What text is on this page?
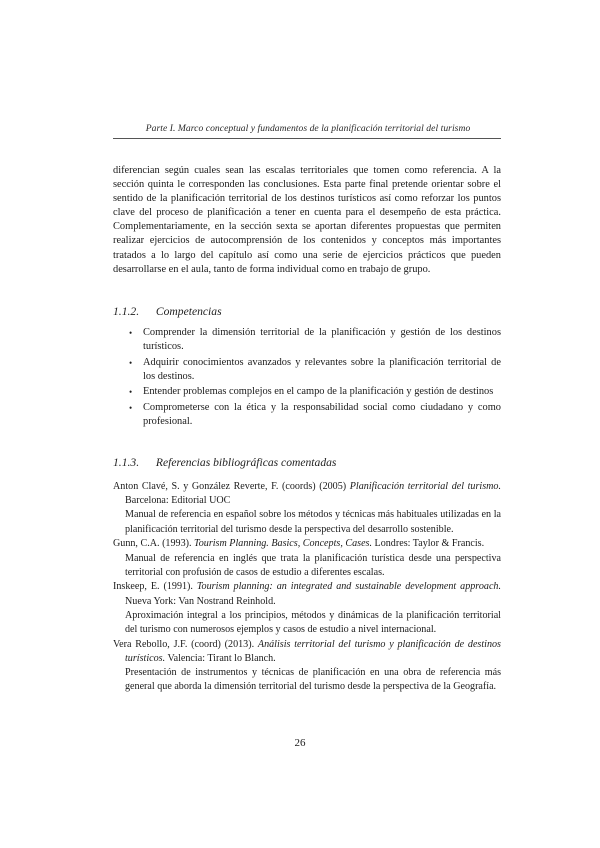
Parte I. Marco conceptual y fundamentos de la planificación territorial del turismo

diferencian según cuales sean las escalas territoriales que tomen como referencia. A la sección quinta le corresponden las conclusiones. Esta parte final pretende orientar sobre el sentido de la planificación territorial de los destinos turísticos así como reforzar los puntos clave del proceso de planificación a tener en cuenta para el desempeño de esta práctica. Complementariamente, en la sección sexta se aportan diferentes propuestas que permiten realizar ejercicios de autocomprensión de los contenidos y conceptos más importantes tratados a lo largo del capítulo así como una serie de ejercicios prácticos que pueden desarrollarse en el aula, tanto de forma individual como en trabajo de grupo.

1.1.2. Competencias
• Comprender la dimensión territorial de la planificación y gestión de los destinos turísticos.
• Adquirir conocimientos avanzados y relevantes sobre la planificación territorial de los destinos.
• Entender problemas complejos en el campo de la planificación y gestión de destinos
• Comprometerse con la ética y la responsabilidad social como ciudadano y como profesional.
1.1.3. Referencias bibliográficas comentadas
Anton Clavé, S. y González Reverte, F. (coords) (2005) Planificación territorial del turismo. Barcelona: Editorial UOC
Manual de referencia en español sobre los métodos y técnicas más habituales utilizadas en la planificación territorial del turismo desde la perspectiva del desarrollo sostenible.
Gunn, C.A. (1993). Tourism Planning. Basics, Concepts, Cases. Londres: Taylor & Francis.
Manual de referencia en inglés que trata la planificación turística desde una perspectiva territorial con profusión de casos de estudio a diferentes escalas.
Inskeep, E. (1991). Tourism planning: an integrated and sustainable development approach. Nueva York: Van Nostrand Reinhold.
Aproximación integral a los principios, métodos y dinámicas de la planificación territorial del turismo con numerosos ejemplos y casos de estudio a nivel internacional.
Vera Rebollo, J.F. (coord) (2013). Análisis territorial del turismo y planificación de destinos turísticos. Valencia: Tirant lo Blanch.
Presentación de instrumentos y técnicas de planificación en una obra de referencia más general que aborda la dimensión territorial del turismo desde la perspectiva de la Geografía.
26
